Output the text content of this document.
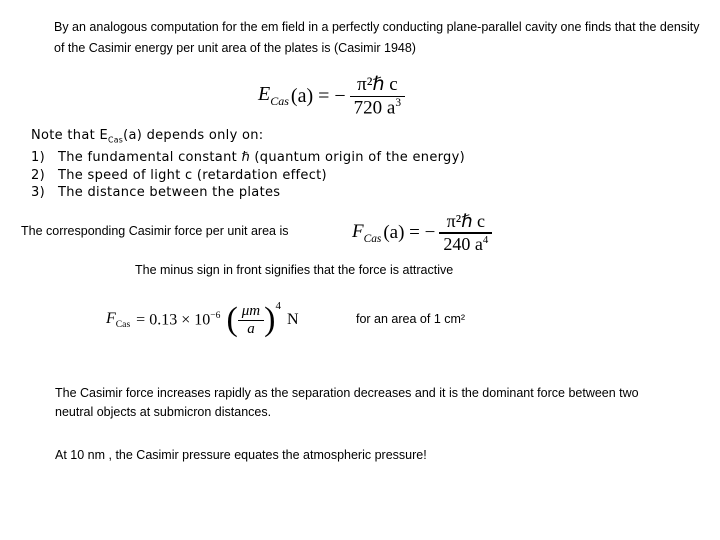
By an analogous computation for the em field in a perfectly conducting plane-parallel cavity one finds that the density of the Casimir energy per unit area of the plates is (Casimir 1948)
$E_{Cas}$ (a) = − $\frac{\text{π²ℏ c}}{720 a^3}$
Note that $E_{Cas}(a)$ depends only on:
1)	The fundamental constant ℏ (quantum origin of the energy)
2)	The speed of light c (retardation effect)
3)	The distance between the plates
The corresponding Casimir force per unit area is	$F_{Cas}$ (a) = − $\frac{\text{π²ℏ c}}{240 a^4}$
The minus sign in front signifies that the force is attractive
$F_{Cas} = 0.13 \times 10^{-6}$ ( $\frac{\mu m}{a}$ ) 4
N	for an area of 1 cm²
The Casimir force increases rapidly as the separation decreases and it is the dominant force between two neutral objects at submicron distances.
At 10 nm , the Casimir pressure equates the atmospheric pressure!
